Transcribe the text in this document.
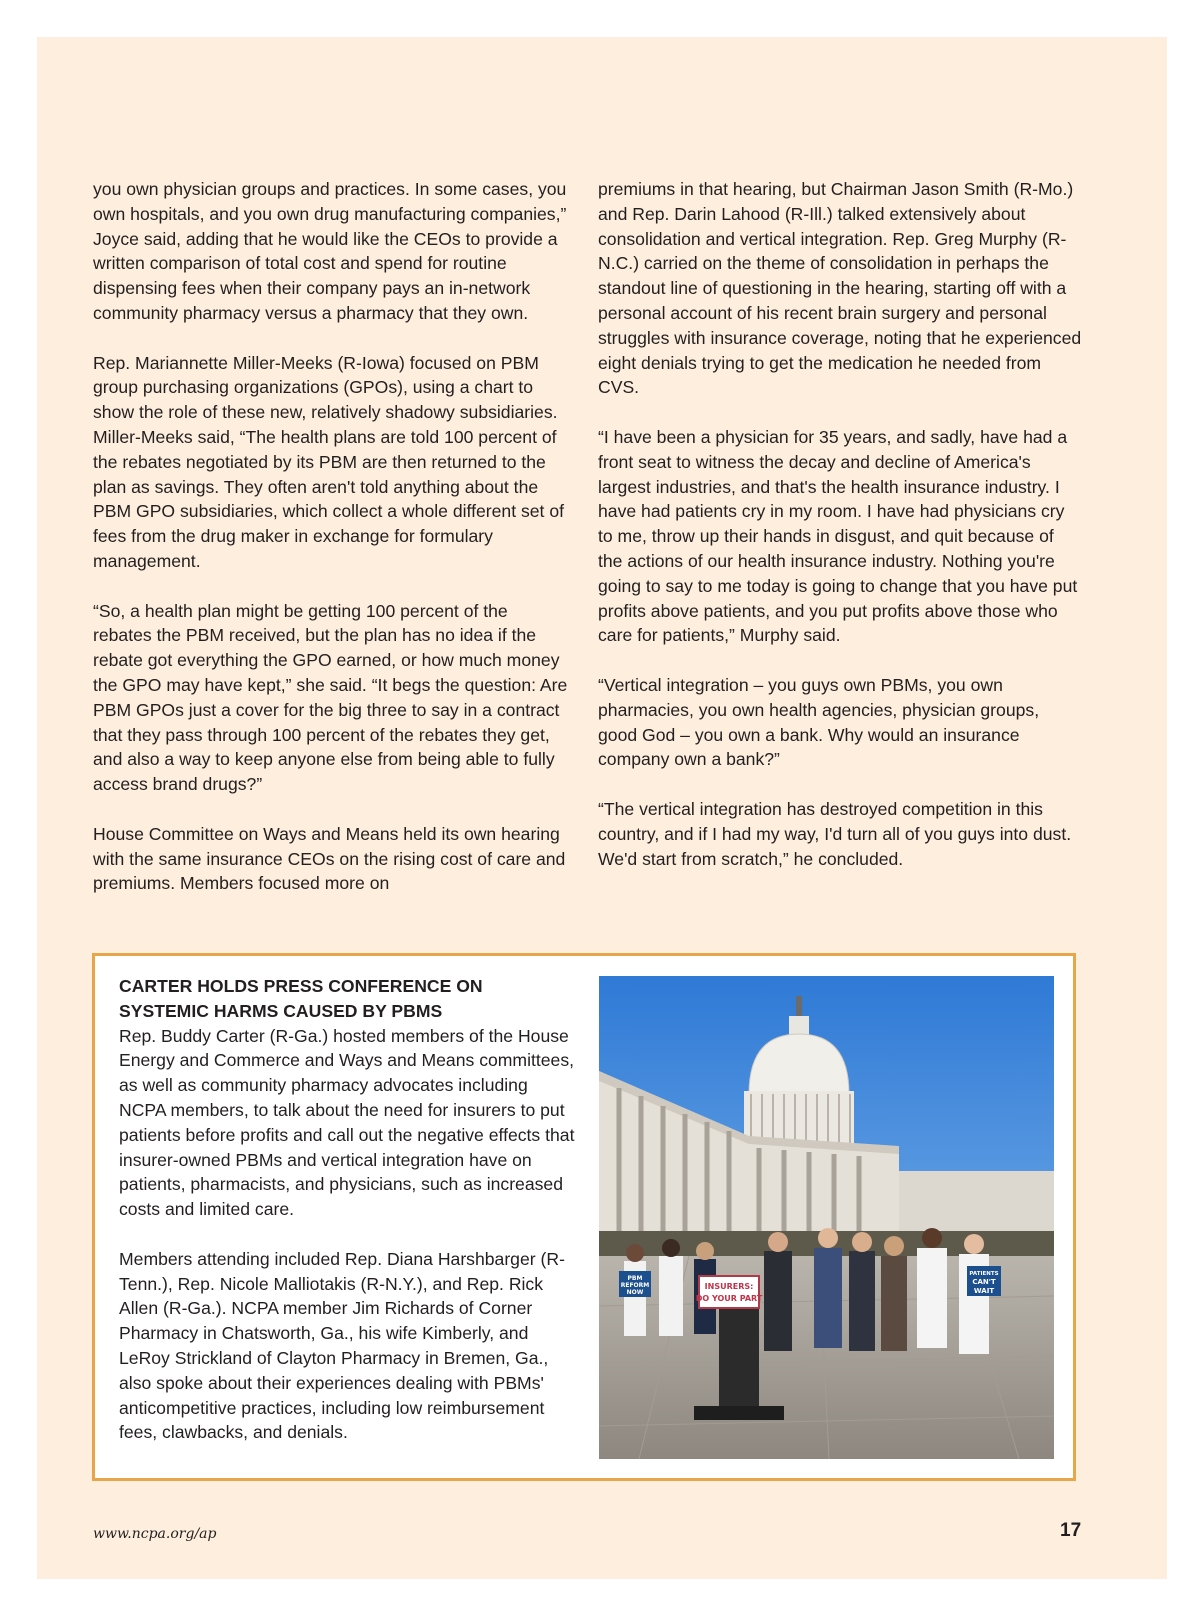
you own physician groups and practices. In some cases, you own hospitals, and you own drug manufacturing companies,” Joyce said, adding that he would like the CEOs to provide a written comparison of total cost and spend for routine dispensing fees when their company pays an in-network community pharmacy versus a pharmacy that they own.

Rep. Mariannette Miller-Meeks (R-Iowa) focused on PBM group purchasing organizations (GPOs), using a chart to show the role of these new, relatively shadowy subsidiaries. Miller-Meeks said, “The health plans are told 100 percent of the rebates negotiated by its PBM are then returned to the plan as savings. They often aren't told anything about the PBM GPO subsidiaries, which collect a whole different set of fees from the drug maker in exchange for formulary management.

“So, a health plan might be getting 100 percent of the rebates the PBM received, but the plan has no idea if the rebate got everything the GPO earned, or how much money the GPO may have kept,” she said. “It begs the question: Are PBM GPOs just a cover for the big three to say in a contract that they pass through 100 percent of the rebates they get, and also a way to keep anyone else from being able to fully access brand drugs?”

House Committee on Ways and Means held its own hearing with the same insurance CEOs on the rising cost of care and premiums. Members focused more on

premiums in that hearing, but Chairman Jason Smith (R-Mo.) and Rep. Darin Lahood (R-Ill.) talked extensively about consolidation and vertical integration. Rep. Greg Murphy (R-N.C.) carried on the theme of consolidation in perhaps the standout line of questioning in the hearing, starting off with a personal account of his recent brain surgery and personal struggles with insurance coverage, noting that he experienced eight denials trying to get the medication he needed from CVS.

“I have been a physician for 35 years, and sadly, have had a front seat to witness the decay and decline of America's largest industries, and that's the health insurance industry. I have had patients cry in my room. I have had physicians cry to me, throw up their hands in disgust, and quit because of the actions of our health insurance industry. Nothing you're going to say to me today is going to change that you have put profits above patients, and you put profits above those who care for patients,” Murphy said.

“Vertical integration – you guys own PBMs, you own pharmacies, you own health agencies, physician groups, good God – you own a bank. Why would an insurance company own a bank?”

“The vertical integration has destroyed competition in this country, and if I had my way, I'd turn all of you guys into dust. We'd start from scratch,” he concluded.

CARTER HOLDS PRESS CONFERENCE ON
SYSTEMIC HARMS CAUSED BY PBMS

Rep. Buddy Carter (R-Ga.) hosted members of the House Energy and Commerce and Ways and Means committees, as well as community pharmacy advocates including NCPA members, to talk about the need for insurers to put patients before profits and call out the negative effects that insurer-owned PBMs and vertical integration have on patients, pharmacists, and physicians, such as increased costs and limited care.

Members attending included Rep. Diana Harshbarger (R-Tenn.), Rep. Nicole Malliotakis (R-N.Y.), and Rep. Rick Allen (R-Ga.). NCPA member Jim Richards of Corner Pharmacy in Chatsworth, Ga., his wife Kimberly, and LeRoy Strickland of Clayton Pharmacy in Bremen, Ga., also spoke about their experiences dealing with PBMs' anticompetitive practices, including low reimbursement fees, clawbacks, and denials.

INSURERS:
DO YOUR PART
PBM
REFORM
NOW
PATIENTS
CAN'T
WAIT
www.ncpa.org/ap	17
